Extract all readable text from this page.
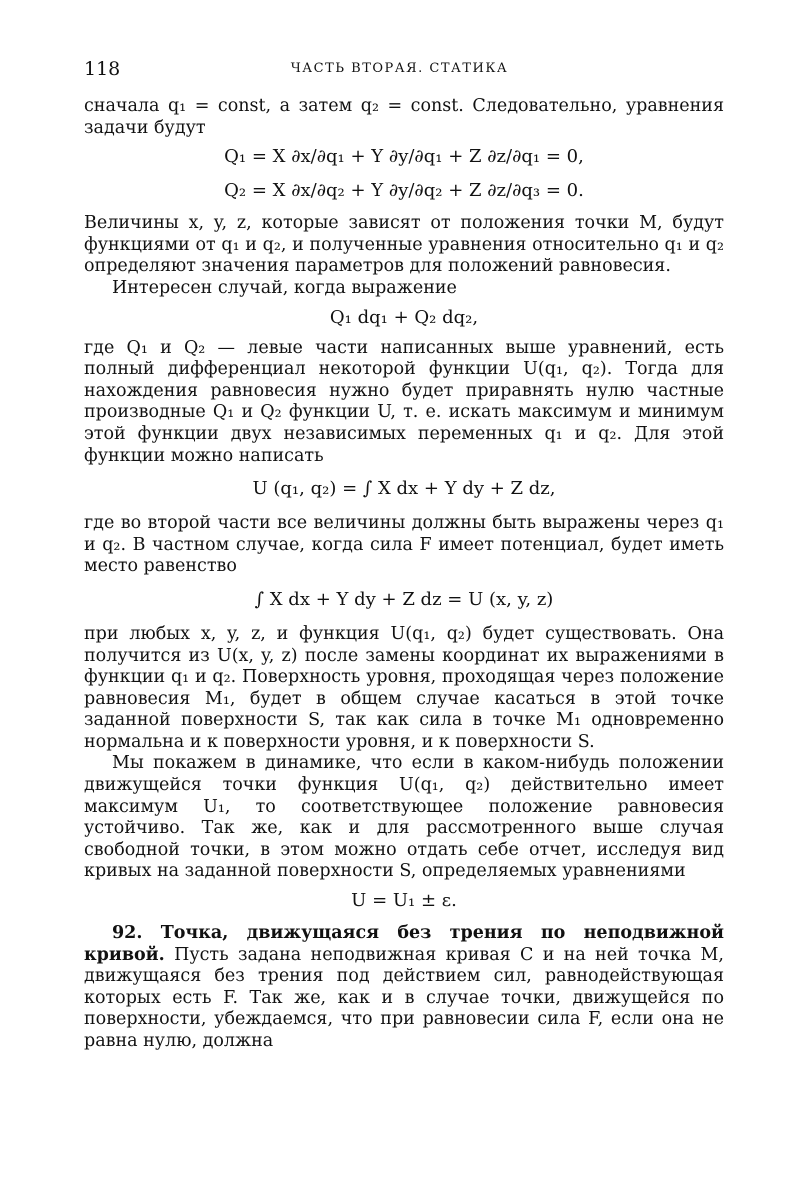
118	ЧАСТЬ ВТОРАЯ. СТАТИКА

сначала q₁ = const, а затем q₂ = const. Следовательно, уравнения задачи будут

Q₁ = X ∂x/∂q₁ + Y ∂y/∂q₁ + Z ∂z/∂q₁ = 0,
Q₂ = X ∂x/∂q₂ + Y ∂y/∂q₂ + Z ∂z/∂q₃ = 0.

Величины x, y, z, которые зависят от положения точки M, будут функциями от q₁ и q₂, и полученные уравнения относительно q₁ и q₂ определяют значения параметров для положений равновесия.

Интересен случай, когда выражение

Q₁ dq₁ + Q₂ dq₂,

где Q₁ и Q₂ — левые части написанных выше уравнений, есть полный дифференциал некоторой функции U(q₁, q₂). Тогда для нахождения равновесия нужно будет приравнять нулю частные производные Q₁ и Q₂ функции U, т. е. искать максимум и минимум этой функции двух независимых переменных q₁ и q₂. Для этой функции можно написать

U (q₁, q₂) = ∫ X dx + Y dy + Z dz,

где во второй части все величины должны быть выражены через q₁ и q₂. В частном случае, когда сила F имеет потенциал, будет иметь место равенство

∫ X dx + Y dy + Z dz = U (x, y, z)

при любых x, y, z, и функция U(q₁, q₂) будет существовать. Она получится из U(x, y, z) после замены координат их выражениями в функции q₁ и q₂. Поверхность уровня, проходящая через положение равновесия M₁, будет в общем случае касаться в этой точке заданной поверхности S, так как сила в точке M₁ одновременно нормальна и к поверхности уровня, и к поверхности S.

Мы покажем в динамике, что если в каком-нибудь положении движущейся точки функция U(q₁, q₂) действительно имеет максимум U₁, то соответствующее положение равновесия устойчиво. Так же, как и для рассмотренного выше случая свободной точки, в этом можно отдать себе отчет, исследуя вид кривых на заданной поверхности S, определяемых уравнениями

U = U₁ ± ε.

92. Точка, движущаяся без трения по неподвижной кривой. Пусть задана неподвижная кривая C и на ней точка M, движущаяся без трения под действием сил, равнодействующая которых есть F. Так же, как и в случае точки, движущейся по поверхности, убеждаемся, что при равновесии сила F, если она не равна нулю, должна
